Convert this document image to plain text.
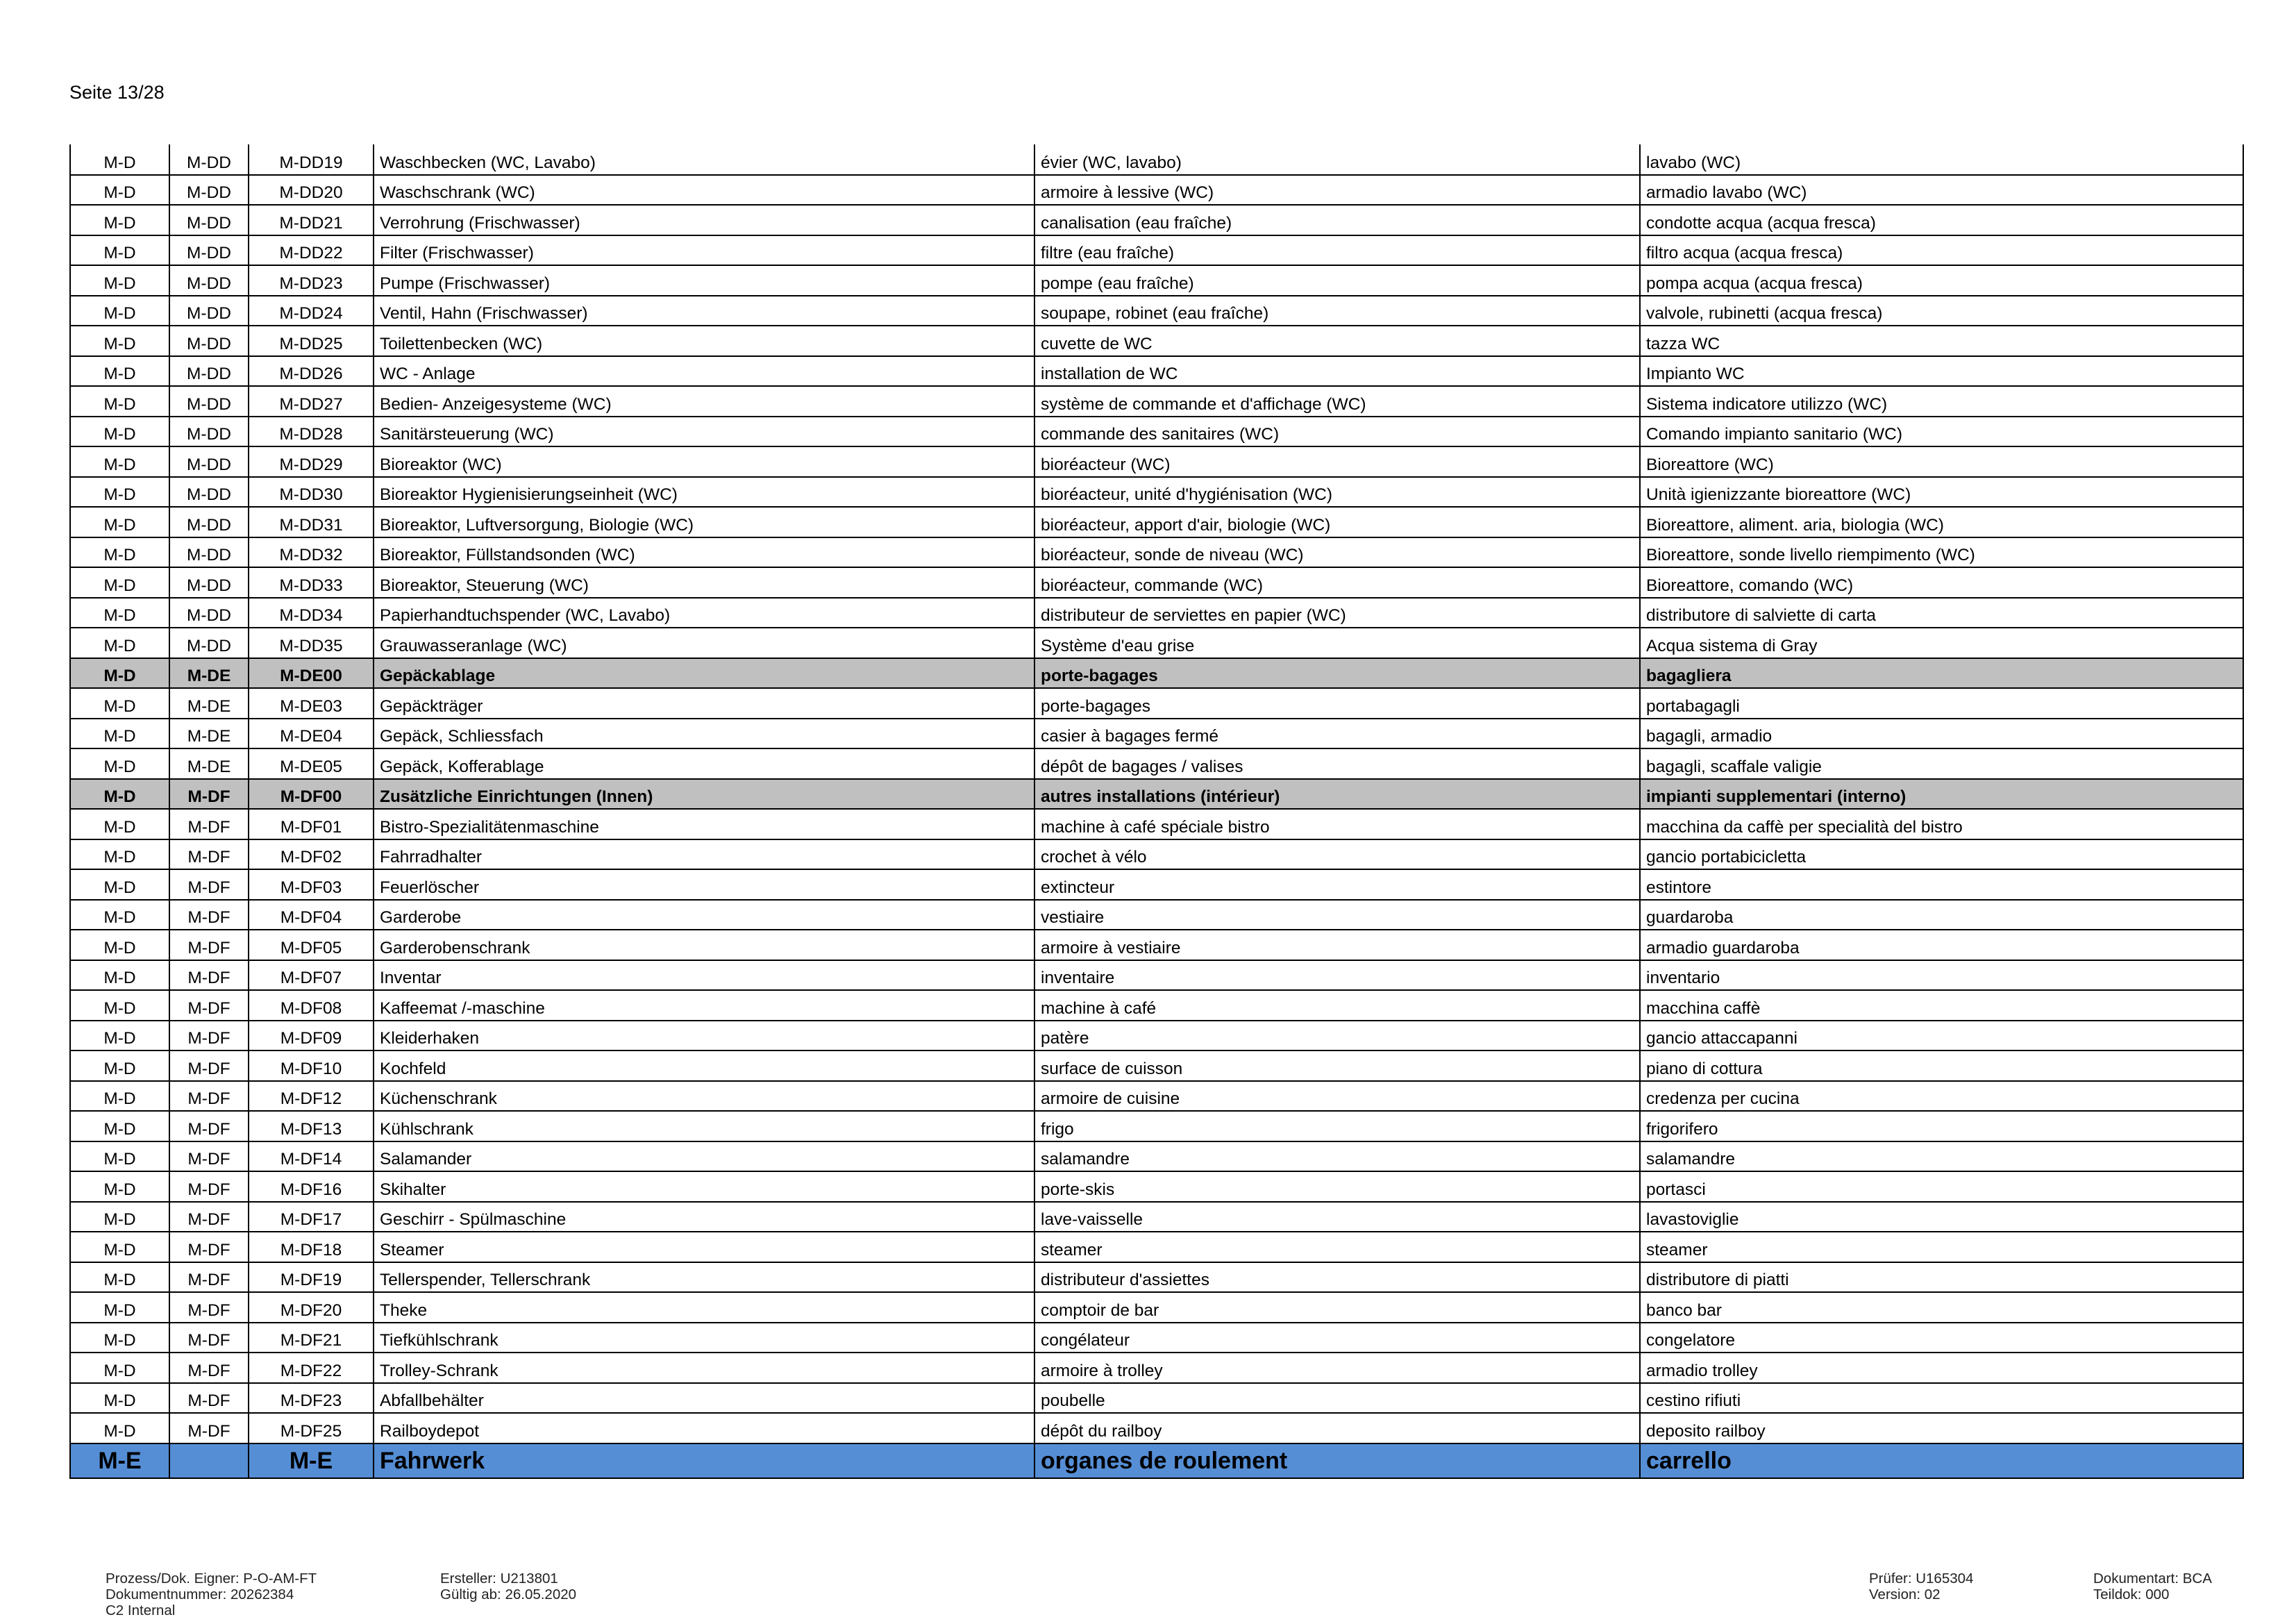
Seite 13/28
M-D	M-DD	M-DD19	Waschbecken (WC, Lavabo)	évier (WC, lavabo)	lavabo (WC)
M-D	M-DD	M-DD20	Waschschrank (WC)	armoire à lessive (WC)	armadio lavabo (WC)
M-D	M-DD	M-DD21	Verrohrung (Frischwasser)	canalisation (eau fraîche)	condotte acqua (acqua fresca)
M-D	M-DD	M-DD22	Filter (Frischwasser)	filtre (eau fraîche)	filtro acqua (acqua fresca)
M-D	M-DD	M-DD23	Pumpe (Frischwasser)	pompe (eau fraîche)	pompa acqua (acqua fresca)
M-D	M-DD	M-DD24	Ventil, Hahn (Frischwasser)	soupape, robinet (eau fraîche)	valvole, rubinetti (acqua fresca)
M-D	M-DD	M-DD25	Toilettenbecken (WC)	cuvette de WC	tazza WC
M-D	M-DD	M-DD26	WC - Anlage	installation de WC	Impianto WC
M-D	M-DD	M-DD27	Bedien- Anzeigesysteme (WC)	système de commande et d'affichage (WC)	Sistema indicatore utilizzo (WC)
M-D	M-DD	M-DD28	Sanitärsteuerung (WC)	commande des sanitaires (WC)	Comando impianto sanitario (WC)
M-D	M-DD	M-DD29	Bioreaktor (WC)	bioréacteur (WC)	Bioreattore (WC)
M-D	M-DD	M-DD30	Bioreaktor Hygienisierungseinheit (WC)	bioréacteur, unité d'hygiénisation (WC)	Unità igienizzante bioreattore (WC)
M-D	M-DD	M-DD31	Bioreaktor, Luftversorgung, Biologie (WC)	bioréacteur, apport d'air, biologie (WC)	Bioreattore, aliment. aria, biologia (WC)
M-D	M-DD	M-DD32	Bioreaktor, Füllstandsonden (WC)	bioréacteur, sonde de niveau (WC)	Bioreattore, sonde livello riempimento (WC)
M-D	M-DD	M-DD33	Bioreaktor, Steuerung (WC)	bioréacteur, commande (WC)	Bioreattore, comando (WC)
M-D	M-DD	M-DD34	Papierhandtuchspender (WC, Lavabo)	distributeur de serviettes en papier (WC)	distributore di salviette di carta
M-D	M-DD	M-DD35	Grauwasseranlage (WC)	Système d'eau grise	Acqua sistema di Gray
M-D	M-DE	M-DE00	Gepäckablage	porte-bagages	bagagliera
M-D	M-DE	M-DE03	Gepäckträger	porte-bagages	portabagagli
M-D	M-DE	M-DE04	Gepäck, Schliessfach	casier à bagages fermé	bagagli, armadio
M-D	M-DE	M-DE05	Gepäck, Kofferablage	dépôt de bagages / valises	bagagli, scaffale valigie
M-D	M-DF	M-DF00	Zusätzliche Einrichtungen (Innen)	autres installations (intérieur)	impianti supplementari (interno)
M-D	M-DF	M-DF01	Bistro-Spezialitätenmaschine	machine à café spéciale bistro	macchina da caffè per specialità del bistro
M-D	M-DF	M-DF02	Fahrradhalter	crochet à vélo	gancio portabicicletta
M-D	M-DF	M-DF03	Feuerlöscher	extincteur	estintore
M-D	M-DF	M-DF04	Garderobe	vestiaire	guardaroba
M-D	M-DF	M-DF05	Garderobenschrank	armoire à vestiaire	armadio guardaroba
M-D	M-DF	M-DF07	Inventar	inventaire	inventario
M-D	M-DF	M-DF08	Kaffeemat /-maschine	machine à café	macchina caffè
M-D	M-DF	M-DF09	Kleiderhaken	patère	gancio attaccapanni
M-D	M-DF	M-DF10	Kochfeld	surface de cuisson	piano di cottura
M-D	M-DF	M-DF12	Küchenschrank	armoire de cuisine	credenza per cucina
M-D	M-DF	M-DF13	Kühlschrank	frigo	frigorifero
M-D	M-DF	M-DF14	Salamander	salamandre	salamandre
M-D	M-DF	M-DF16	Skihalter	porte-skis	portasci
M-D	M-DF	M-DF17	Geschirr - Spülmaschine	lave-vaisselle	lavastoviglie
M-D	M-DF	M-DF18	Steamer	steamer	steamer
M-D	M-DF	M-DF19	Tellerspender, Tellerschrank	distributeur d'assiettes	distributore di piatti
M-D	M-DF	M-DF20	Theke	comptoir de bar	banco bar
M-D	M-DF	M-DF21	Tiefkühlschrank	congélateur	congelatore
M-D	M-DF	M-DF22	Trolley-Schrank	armoire à trolley	armadio trolley
M-D	M-DF	M-DF23	Abfallbehälter	poubelle	cestino rifiuti
M-D	M-DF	M-DF25	Railboydepot	dépôt du railboy	deposito railboy
M-E		M-E	Fahrwerk	organes de roulement	carrello
Prozess/Dok. Eigner: P-O-AM-FT
Dokumentnummer: 20262384
C2 Internal
Ersteller: U213801
Gültig ab: 26.05.2020
Prüfer: U165304
Version: 02
Dokumentart: BCA
Teildok: 000
